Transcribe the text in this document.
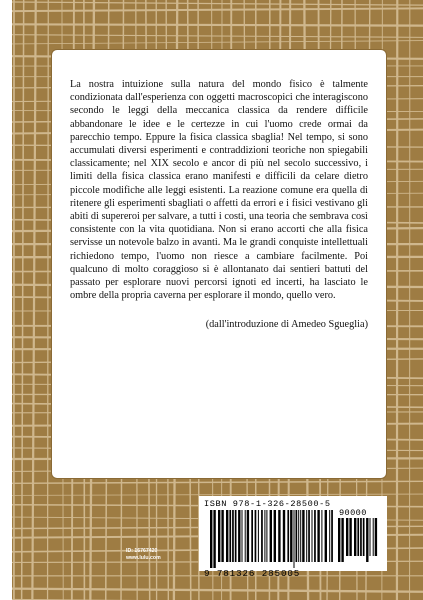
La nostra intuizione sulla natura del mondo fisico è talmente condizionata dall'esperienza con oggetti macroscopici che interagiscono secondo le leggi della meccanica classica da rendere difficile abbandonare le idee e le certezze in cui l'uomo crede ormai da parecchio tempo. Eppure la fisica classica sbaglia! Nel tempo, si sono accumulati diversi esperimenti e contraddizioni teoriche non spiegabili classicamente; nel XIX secolo e ancor di più nel secolo successivo, i limiti della fisica classica erano manifesti e difficili da celare dietro piccole modifiche alle leggi esistenti. La reazione comune era quella di ritenere gli esperimenti sbagliati o affetti da errori e i fisici vestivano gli abiti di supereroi per salvare, a tutti i costi, una teoria che sembrava così consistente con la vita quotidiana. Non si erano accorti che alla fisica servisse un notevole balzo in avanti. Ma le grandi conquiste intellettuali richiedono tempo, l'uomo non riesce a cambiare facilmente. Poi qualcuno di molto coraggioso si è allontanato dai sentieri battuti del passato per esplorare nuovi percorsi ignoti ed incerti, ha lasciato le ombre della propria caverna per esplorare il mondo, quello vero.

(dall'introduzione di Amedeo Sgueglia)

ISBN 978-1-326-28500-5
90000
9 781326 285005
ID: 16767420
www.lulu.com
